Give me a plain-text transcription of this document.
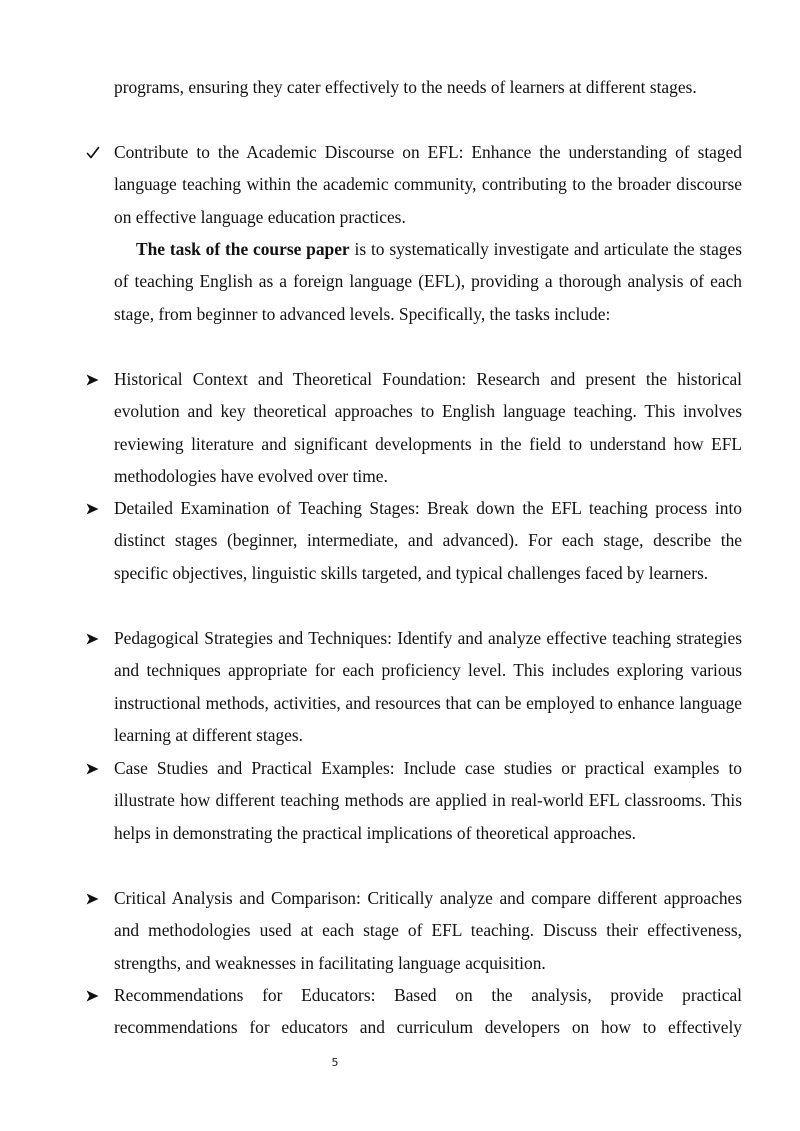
programs, ensuring they cater effectively to the needs of learners at different stages.
Contribute to the Academic Discourse on EFL: Enhance the understanding of staged language teaching within the academic community, contributing to the broader discourse on effective language education practices.
The task of the course paper is to systematically investigate and articulate the stages of teaching English as a foreign language (EFL), providing a thorough analysis of each stage, from beginner to advanced levels. Specifically, the tasks include:
Historical Context and Theoretical Foundation: Research and present the historical evolution and key theoretical approaches to English language teaching. This involves reviewing literature and significant developments in the field to understand how EFL methodologies have evolved over time.
Detailed Examination of Teaching Stages: Break down the EFL teaching process into distinct stages (beginner, intermediate, and advanced). For each stage, describe the specific objectives, linguistic skills targeted, and typical challenges faced by learners.
Pedagogical Strategies and Techniques: Identify and analyze effective teaching strategies and techniques appropriate for each proficiency level. This includes exploring various instructional methods, activities, and resources that can be employed to enhance language learning at different stages.
Case Studies and Practical Examples: Include case studies or practical examples to illustrate how different teaching methods are applied in real-world EFL classrooms. This helps in demonstrating the practical implications of theoretical approaches.
Critical Analysis and Comparison: Critically analyze and compare different approaches and methodologies used at each stage of EFL teaching. Discuss their effectiveness, strengths, and weaknesses in facilitating language acquisition.
Recommendations for Educators: Based on the analysis, provide practical recommendations for educators and curriculum developers on how to effectively
5
